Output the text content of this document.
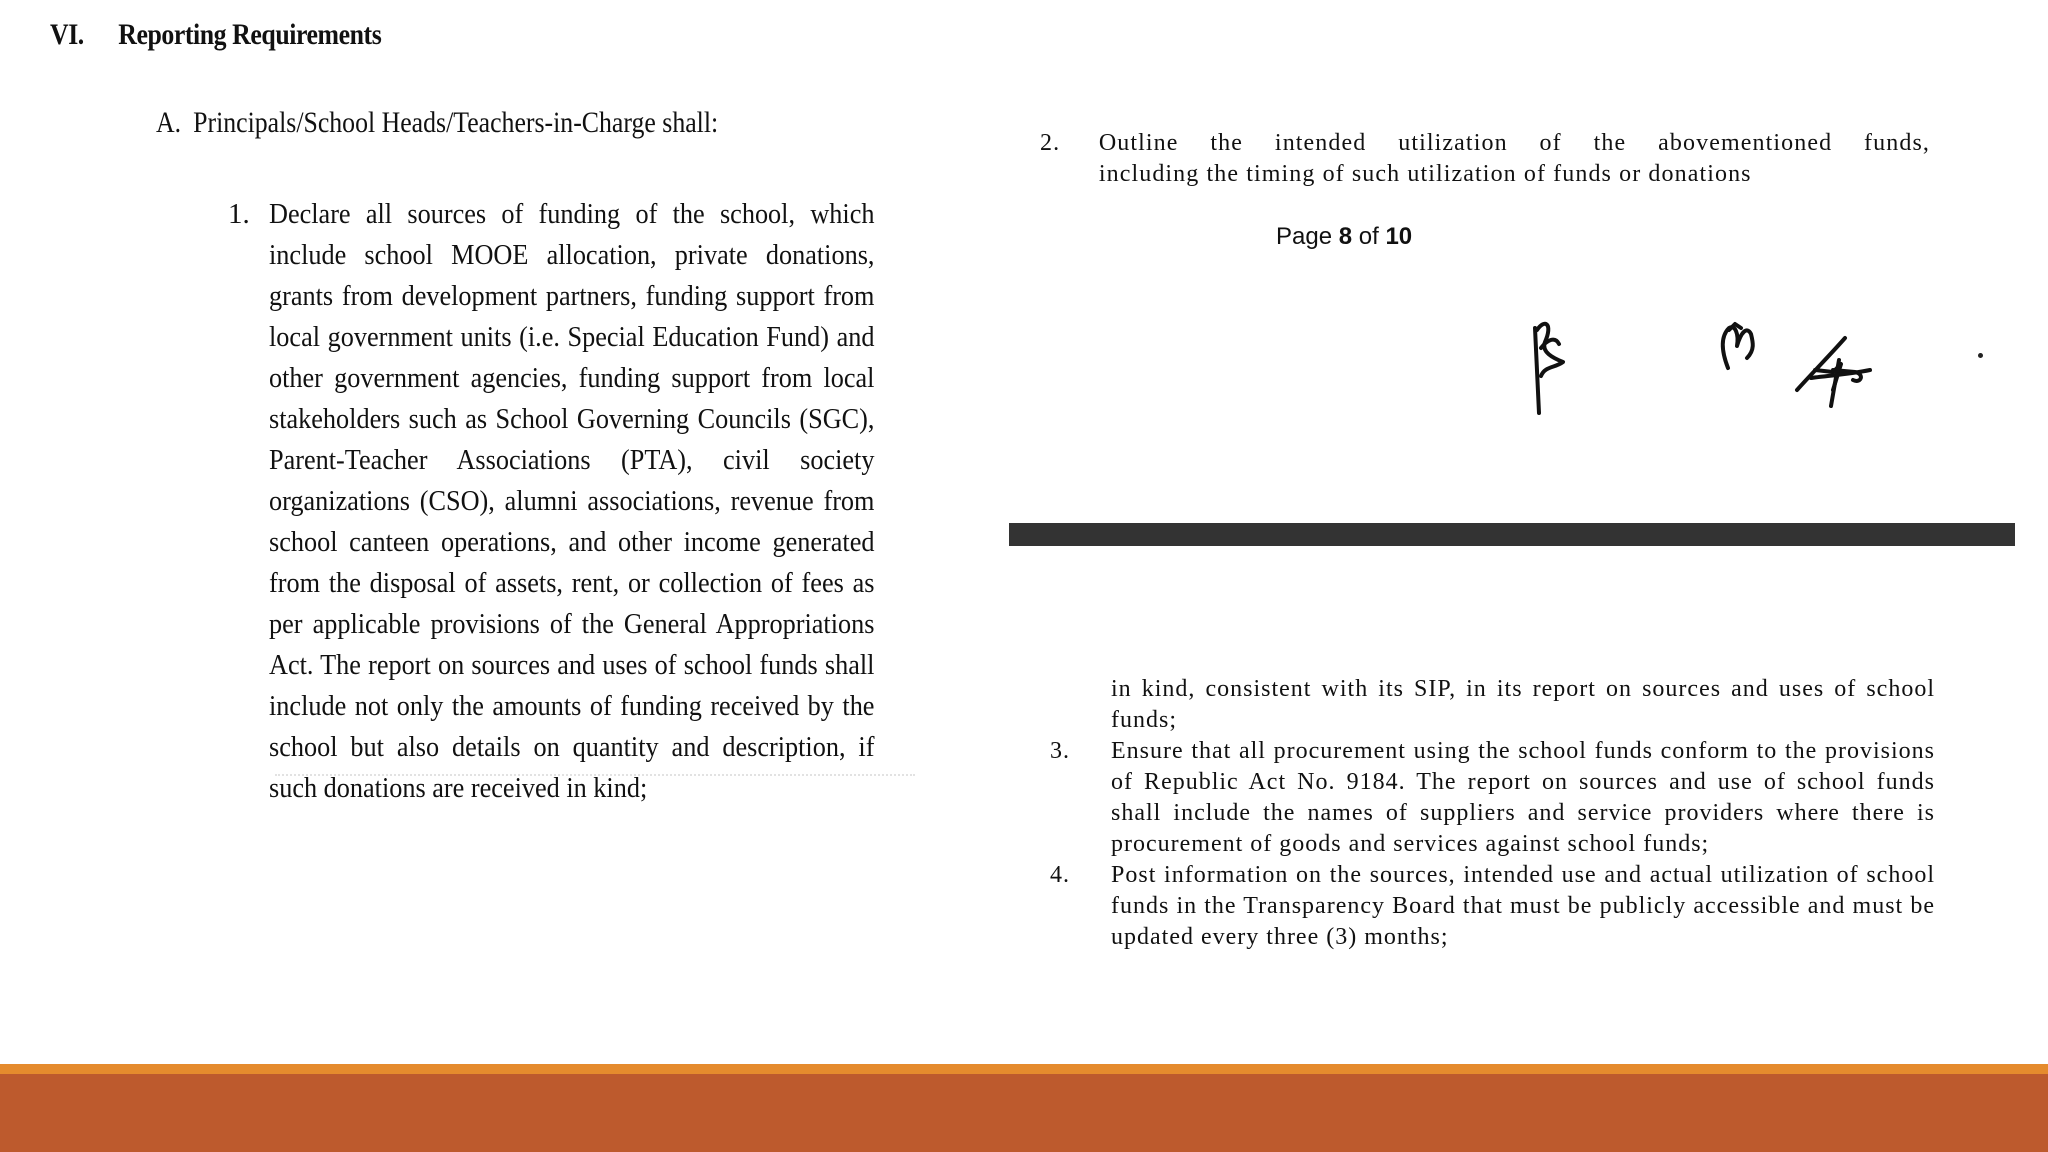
VI. Reporting Requirements
A. Principals/School Heads/Teachers-in-Charge shall:
1. Declare all sources of funding of the school, which include school MOOE allocation, private donations, grants from development partners, funding support from local government units (i.e. Special Education Fund) and other government agencies, funding support from local stakeholders such as School Governing Councils (SGC), Parent-Teacher Associations (PTA), civil society organizations (CSO), alumni associations, revenue from school canteen operations, and other income generated from the disposal of assets, rent, or collection of fees as per applicable provisions of the General Appropriations Act. The report on sources and uses of school funds shall include not only the amounts of funding received by the school but also details on quantity and description, if such donations are received in kind;
2.	Outline the intended utilization of the abovementioned funds,
including the timing of such utilization of funds or donations
Page 8 of 10
in kind, consistent with its SIP, in its report on sources and uses of school funds;
3.	Ensure that all procurement using the school funds conform to the provisions of Republic Act No. 9184. The report on sources and use of school funds shall include the names of suppliers and service providers where there is procurement of goods and services against school funds;
4.	Post information on the sources, intended use and actual utilization of school funds in the Transparency Board that must be publicly accessible and must be updated every three (3) months;
